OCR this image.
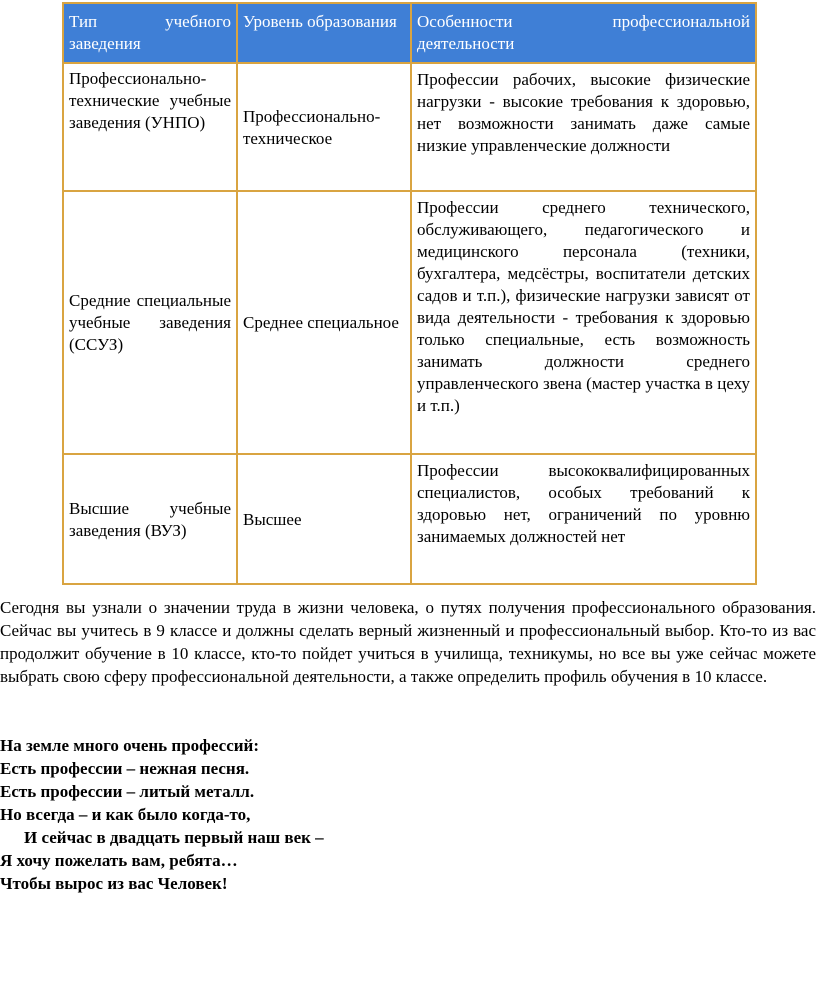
Тип учебного заведения	Уровень образования	Особенности профессиональной деятельности

Профессионально-технические учебные заведения (УНПО)	Профессионально-техническое	Профессии рабочих, высокие физические нагрузки - высокие требования к здоровью, нет возможности занимать даже самые низкие управленческие должности
Средние специальные учебные заведения (ССУЗ)	Среднее специальное	Профессии среднего технического, обслуживающего, педагогического и медицинского персонала (техники, бухгалтера, медсёстры, воспитатели детских садов и т.п.), физические нагрузки зависят от вида деятельности - требования к здоровью только специальные, есть возможность занимать должности среднего управленческого звена (мастер участка в цеху и т.п.)
Высшие учебные заведения (ВУЗ)	Высшее	Профессии высококвалифицированных специалистов, особых требований к здоровью нет, ограничений по уровню занимаемых должностей нет

Сегодня вы узнали о значении труда в жизни человека, о путях получения профессионального образования. Сейчас вы учитесь в 9 классе и должны сделать верный жизненный и профессиональный выбор. Кто-то из вас продолжит обучение в 10 классе, кто-то пойдет учиться в училища, техникумы, но все вы уже сейчас можете выбрать свою сферу профессиональной деятельности, а также определить профиль обучения в 10 классе.

На земле много очень профессий:
Есть профессии – нежная песня.
Есть профессии – литый металл.
Но всегда – и как было когда-то,
И сейчас в двадцать первый наш век –
Я хочу пожелать вам, ребята…
Чтобы вырос из вас Человек!
